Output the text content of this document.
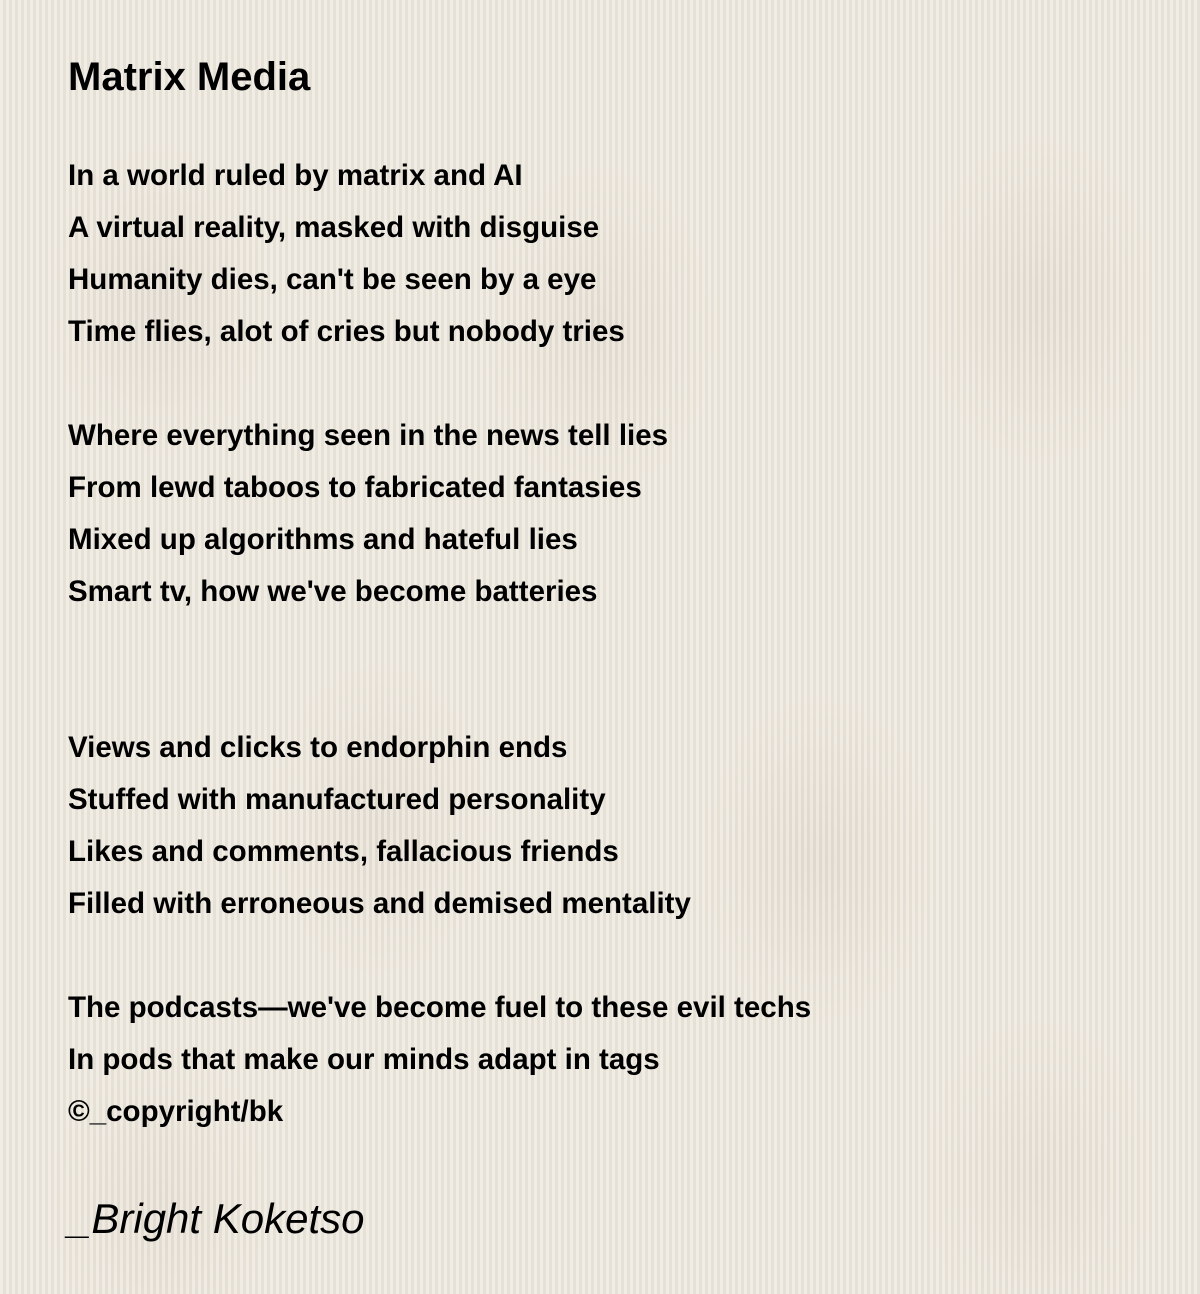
Matrix Media
In a world ruled by matrix and AI
A virtual reality, masked with disguise
Humanity dies, can't be seen by a eye
Time flies, alot of cries but nobody tries
Where everything seen in the news tell lies
From lewd taboos to fabricated fantasies
Mixed up algorithms and hateful lies
Smart tv, how we've become batteries
Views and clicks to endorphin ends
Stuffed with manufactured personality
Likes and comments, fallacious friends
Filled with erroneous and demised mentality
The podcasts—we've become fuel to these evil techs
In pods that make our minds adapt in tags
©_copyright/bk
_Bright Koketso
